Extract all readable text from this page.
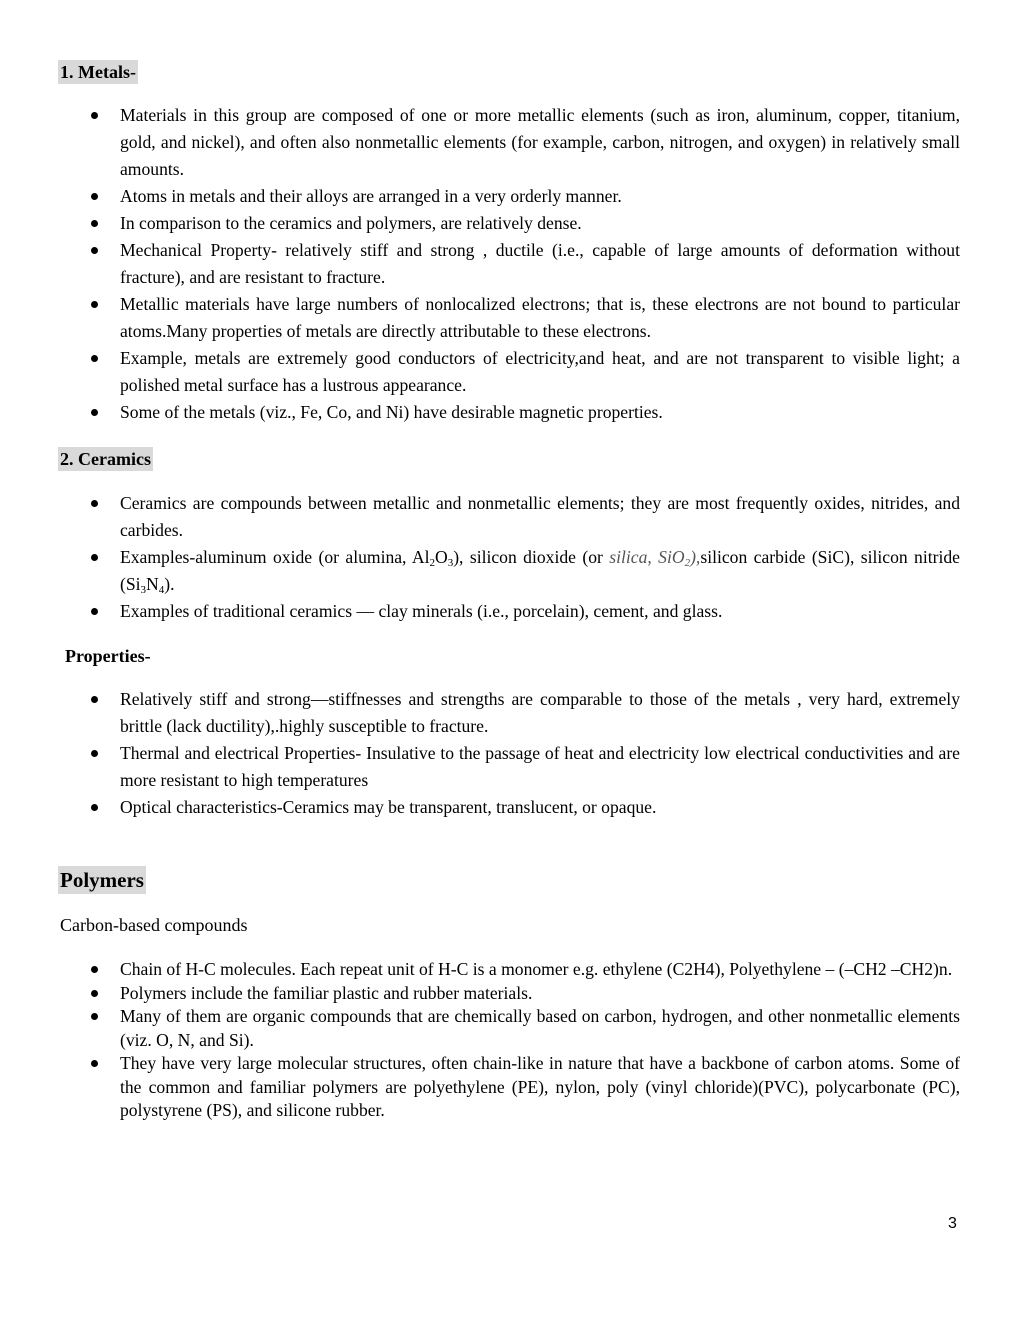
1. Metals-
Materials in this group are composed of one or more metallic elements (such as iron, aluminum, copper, titanium, gold, and nickel), and often also nonmetallic elements (for example, carbon, nitrogen, and oxygen) in relatively small amounts.
Atoms in metals and their alloys are arranged in a very orderly manner.
In comparison to the ceramics and polymers, are relatively dense.
Mechanical Property- relatively stiff and strong , ductile (i.e., capable of large amounts of deformation without fracture), and are resistant to fracture.
Metallic materials have large numbers of nonlocalized electrons; that is, these electrons are not bound to particular atoms.Many properties of metals are directly attributable to these electrons.
Example, metals are extremely good conductors of electricity,and heat, and are not transparent to visible light; a polished metal surface has a lustrous appearance.
Some of the metals (viz., Fe, Co, and Ni) have desirable magnetic properties.
2. Ceramics
Ceramics are compounds between metallic and nonmetallic elements; they are most frequently oxides, nitrides, and carbides.
Examples-aluminum oxide (or alumina, $Al_2O_3$), silicon dioxide (or silica, SiO$_2$),silicon carbide (SiC), silicon nitride $(Si_3N_4)$.
Examples of traditional ceramics — clay minerals (i.e., porcelain), cement, and glass.
Properties-
Relatively stiff and strong—stiffnesses and strengths are comparable to those of the metals , very hard, extremely brittle (lack ductility),.highly susceptible to fracture.
Thermal and electrical Properties- Insulative to the passage of heat and electricity low electrical conductivities and are more resistant to high temperatures
Optical characteristics-Ceramics may be transparent, translucent, or opaque.
Polymers
Carbon-based compounds
Chain of H-C molecules. Each repeat unit of H-C is a monomer e.g. ethylene (C2H4), Polyethylene – (–CH2 –CH2)n.
Polymers include the familiar plastic and rubber materials.
Many of them are organic compounds that are chemically based on carbon, hydrogen, and other nonmetallic elements (viz. O, N, and Si).
They have very large molecular structures, often chain-like in nature that have a backbone of carbon atoms. Some of the common and familiar polymers are polyethylene (PE), nylon, poly (vinyl chloride)(PVC), polycarbonate (PC), polystyrene (PS), and silicone rubber.
3
